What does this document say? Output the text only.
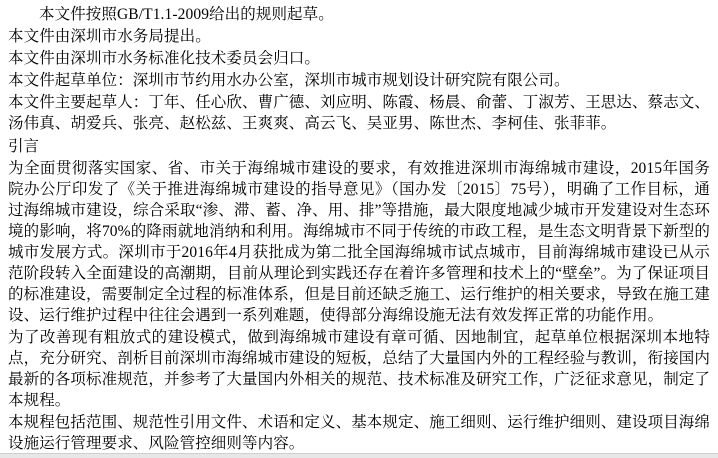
本文件按照GB/T1.1-2009给出的规则起草。

本文件由深圳市水务局提出。

本文件由深圳市水务标准化技术委员会归口。

本文件起草单位：深圳市节约用水办公室，深圳市城市规划设计研究院有限公司。

本文件主要起草人：丁年、任心欣、曹广德、刘应明、陈霞、杨晨、俞蕾、丁淑芳、王思达、蔡志文、汤伟真、胡爱兵、张亮、赵松兹、王爽爽、高云飞、吴亚男、陈世杰、李柯佳、张菲菲。

引言

为全面贯彻落实国家、省、市关于海绵城市建设的要求，有效推进深圳市海绵城市建设，2015年国务院办公厅印发了《关于推进海绵城市建设的指导意见》（国办发〔2015〕75号），明确了工作目标，通过海绵城市建设，综合采取“渗、滞、蓄、净、用、排”等措施，最大限度地减少城市开发建设对生态环境的影响，将70%的降雨就地消纳和利用。海绵城市不同于传统的市政工程，是生态文明背景下新型的城市发展方式。深圳市于2016年4月获批成为第二批全国海绵城市试点城市，目前海绵城市建设已从示范阶段转入全面建设的高潮期，目前从理论到实践还存在着许多管理和技术上的“壁垒”。为了保证项目的标准建设，需要制定全过程的标准体系，但是目前还缺乏施工、运行维护的相关要求，导致在施工建设、运行维护过程中往往会遇到一系列难题，使得部分海绵设施无法有效发挥正常的功能作用。

为了改善现有粗放式的建设模式，做到海绵城市建设有章可循、因地制宜，起草单位根据深圳本地特点，充分研究、剖析目前深圳市海绵城市建设的短板，总结了大量国内外的工程经验与教训，衔接国内最新的各项标准规范，并参考了大量国内外相关的规范、技术标准及研究工作，广泛征求意见，制定了本规程。

本规程包括范围、规范性引用文件、术语和定义、基本规定、施工细则、运行维护细则、建设项目海绵设施运行管理要求、风险管控细则等内容。
